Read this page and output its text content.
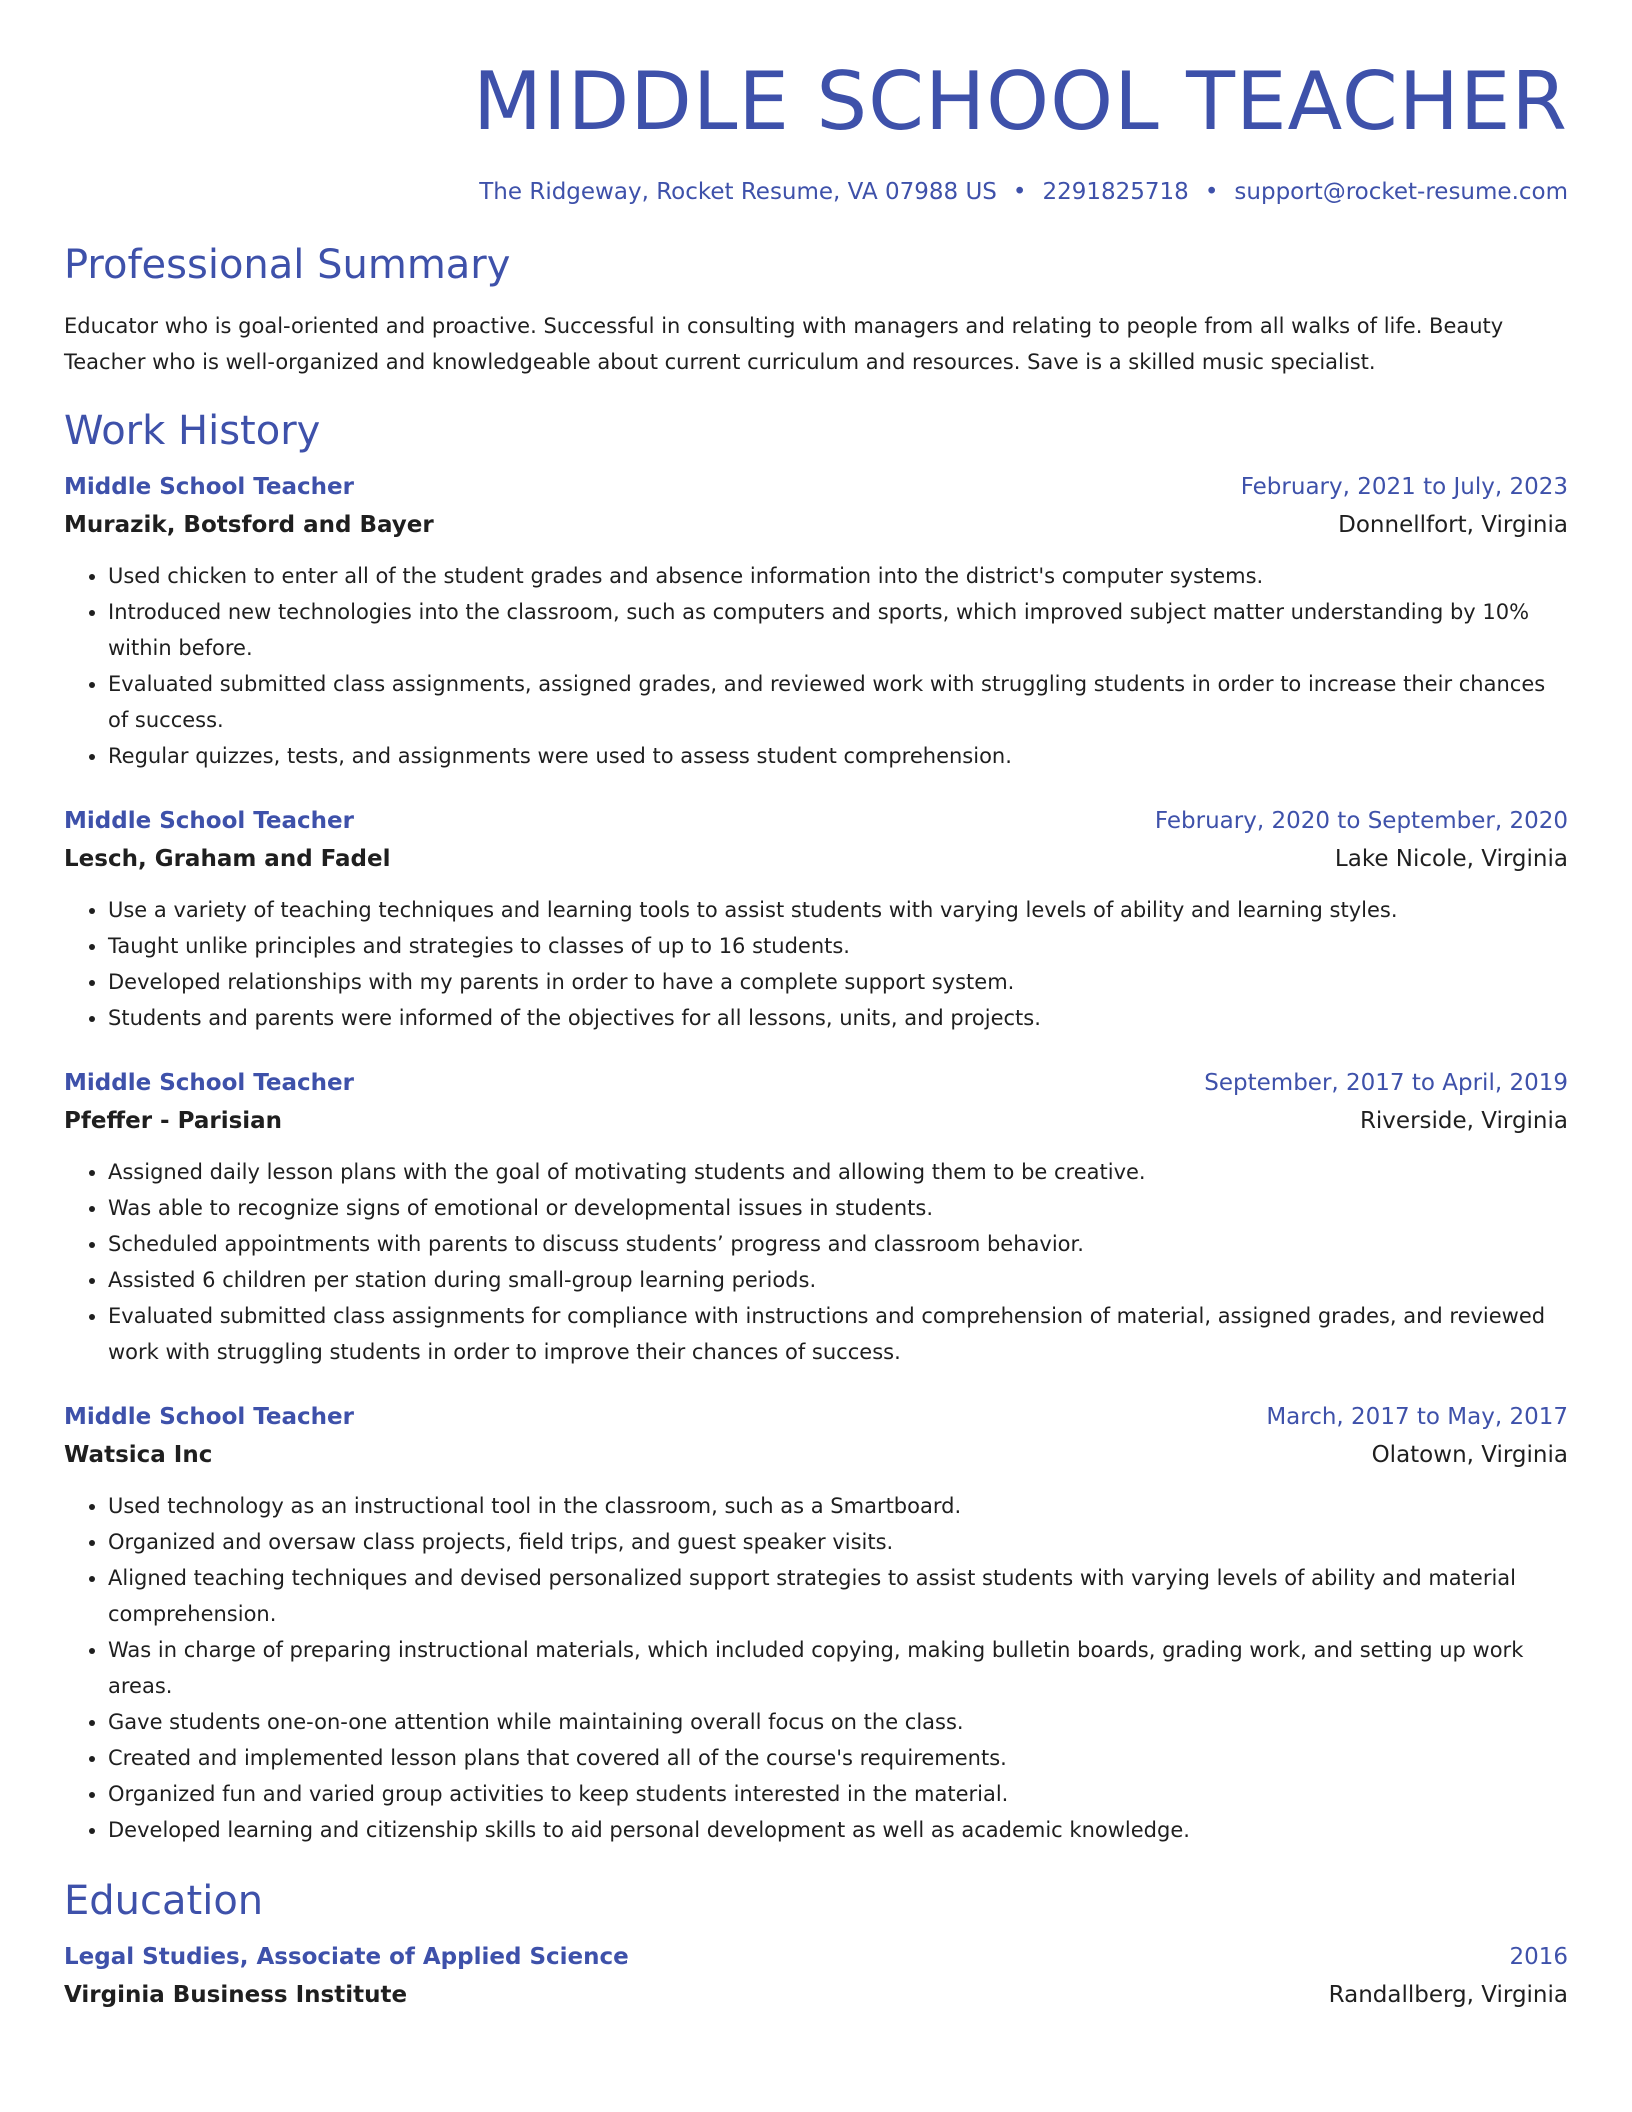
MIDDLE SCHOOL TEACHER
The Ridgeway, Rocket Resume, VA 07988 US • 2291825718 • support@rocket-resume.com
Professional Summary
Educator who is goal-oriented and proactive. Successful in consulting with managers and relating to people from all walks of life. Beauty Teacher who is well-organized and knowledgeable about current curriculum and resources. Save is a skilled music specialist.
Work History
Middle School Teacher	February, 2021 to July, 2023
Murazik, Botsford and Bayer	Donnellfort, Virginia
• Used chicken to enter all of the student grades and absence information into the district's computer systems.
• Introduced new technologies into the classroom, such as computers and sports, which improved subject matter understanding by 10% within before.
• Evaluated submitted class assignments, assigned grades, and reviewed work with struggling students in order to increase their chances of success.
• Regular quizzes, tests, and assignments were used to assess student comprehension.
Middle School Teacher	February, 2020 to September, 2020
Lesch, Graham and Fadel	Lake Nicole, Virginia
• Use a variety of teaching techniques and learning tools to assist students with varying levels of ability and learning styles.
• Taught unlike principles and strategies to classes of up to 16 students.
• Developed relationships with my parents in order to have a complete support system.
• Students and parents were informed of the objectives for all lessons, units, and projects.
Middle School Teacher	September, 2017 to April, 2019
Pfeffer - Parisian	Riverside, Virginia
• Assigned daily lesson plans with the goal of motivating students and allowing them to be creative.
• Was able to recognize signs of emotional or developmental issues in students.
• Scheduled appointments with parents to discuss students’ progress and classroom behavior.
• Assisted 6 children per station during small-group learning periods.
• Evaluated submitted class assignments for compliance with instructions and comprehension of material, assigned grades, and reviewed work with struggling students in order to improve their chances of success.
Middle School Teacher	March, 2017 to May, 2017
Watsica Inc	Olatown, Virginia
• Used technology as an instructional tool in the classroom, such as a Smartboard.
• Organized and oversaw class projects, field trips, and guest speaker visits.
• Aligned teaching techniques and devised personalized support strategies to assist students with varying levels of ability and material comprehension.
• Was in charge of preparing instructional materials, which included copying, making bulletin boards, grading work, and setting up work areas.
• Gave students one-on-one attention while maintaining overall focus on the class.
• Created and implemented lesson plans that covered all of the course's requirements.
• Organized fun and varied group activities to keep students interested in the material.
• Developed learning and citizenship skills to aid personal development as well as academic knowledge.
Education
Legal Studies, Associate of Applied Science	2016
Virginia Business Institute	Randallberg, Virginia
